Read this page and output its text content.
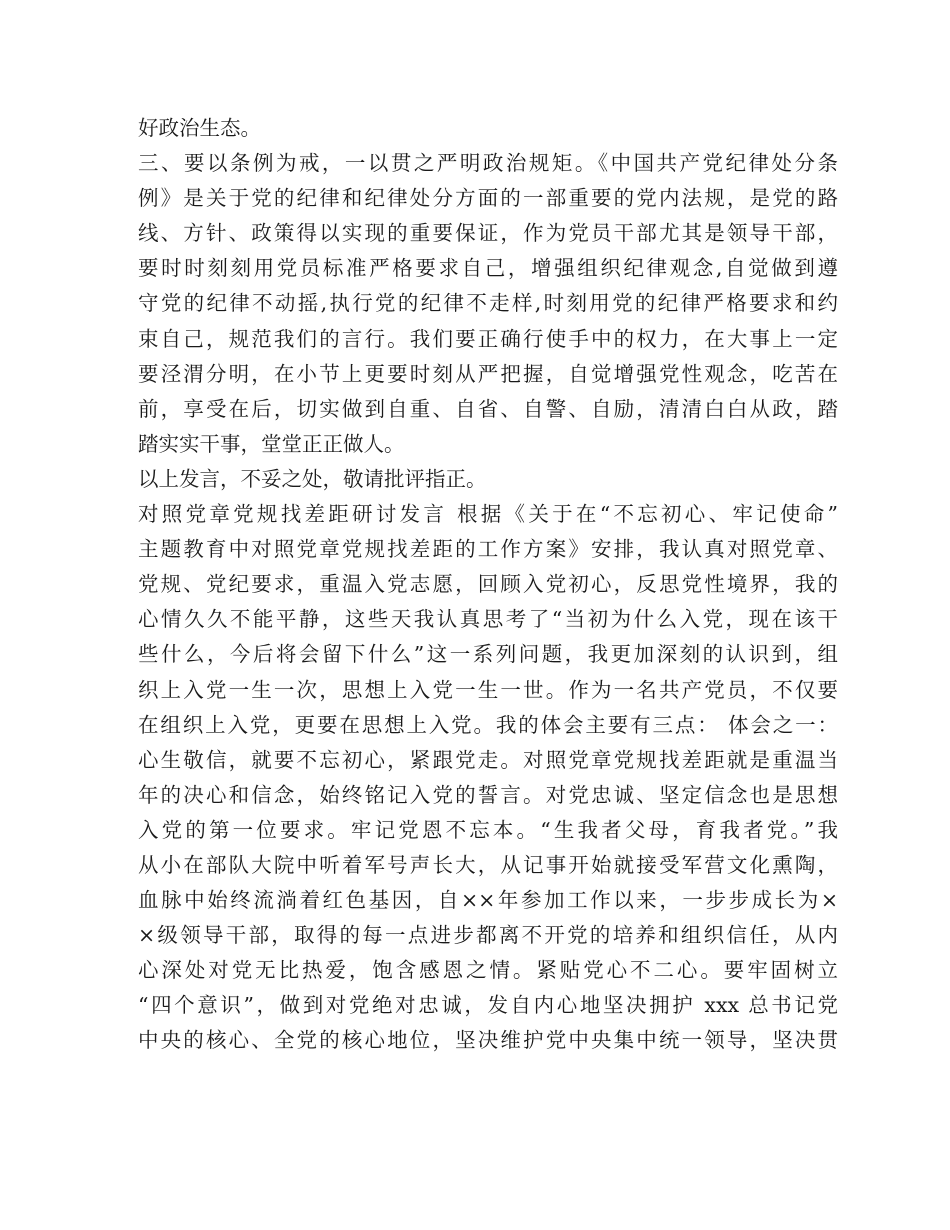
好政治生态。
三、要以条例为戒，一以贯之严明政治规矩。《中国共产党纪律处分条
例》是关于党的纪律和纪律处分方面的一部重要的党内法规，是党的路
线、方针、政策得以实现的重要保证，作为党员干部尤其是领导干部，
要时时刻刻用党员标准严格要求自己，增强组织纪律观念,自觉做到遵
守党的纪律不动摇,执行党的纪律不走样,时刻用党的纪律严格要求和约
束自己，规范我们的言行。我们要正确行使手中的权力，在大事上一定
要泾渭分明，在小节上更要时刻从严把握，自觉增强党性观念，吃苦在
前，享受在后，切实做到自重、自省、自警、自励，清清白白从政，踏
踏实实干事，堂堂正正做人。
以上发言，不妥之处，敬请批评指正。
对照党章党规找差距研讨发言 根据《关于在“不忘初心、牢记使命”
主题教育中对照党章党规找差距的工作方案》安排，我认真对照党章、
党规、党纪要求，重温入党志愿，回顾入党初心，反思党性境界，我的
心情久久不能平静，这些天我认真思考了“当初为什么入党，现在该干
些什么，今后将会留下什么”这一系列问题，我更加深刻的认识到，组
织上入党一生一次，思想上入党一生一世。作为一名共产党员，不仅要
在组织上入党，更要在思想上入党。我的体会主要有三点： 体会之一：
心生敬信，就要不忘初心，紧跟党走。对照党章党规找差距就是重温当
年的决心和信念，始终铭记入党的誓言。对党忠诚、坚定信念也是思想
入党的第一位要求。牢记党恩不忘本。“生我者父母，育我者党。”我
从小在部队大院中听着军号声长大，从记事开始就接受军营文化熏陶，
血脉中始终流淌着红色基因，自××年参加工作以来，一步步成长为×
×级领导干部，取得的每一点进步都离不开党的培养和组织信任，从内
心深处对党无比热爱，饱含感恩之情。紧贴党心不二心。要牢固树立
“四个意识”，做到对党绝对忠诚，发自内心地坚决拥护 xxx 总书记党
中央的核心、全党的核心地位，坚决维护党中央集中统一领导，坚决贯
